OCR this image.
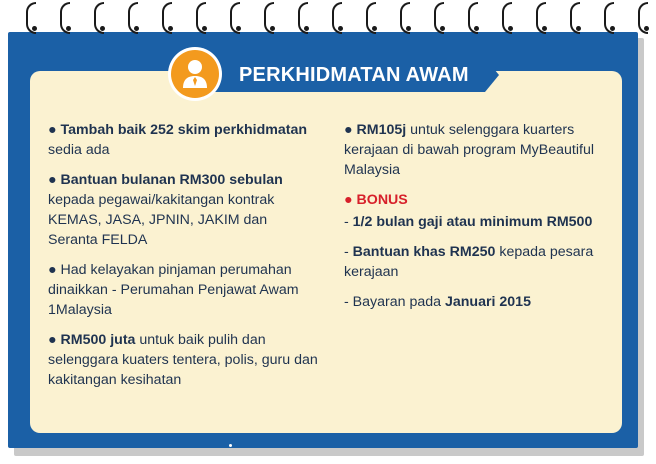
PERKHIDMATAN AWAM

● Tambah baik 252 skim perkhidmatan
sedia ada

● Bantuan bulanan RM300 sebulan
kepada pegawai/kakitangan kontrak KEMAS, JASA, JPNIN, JAKIM dan Seranta FELDA

● Had kelayakan pinjaman perumahan dinaikkan - Perumahan Penjawat Awam 1Malaysia

● RM500 juta untuk baik pulih dan selenggara kuaters tentera, polis, guru dan kakitangan kesihatan

● RM105j untuk selenggara kuarters kerajaan di bawah program MyBeautiful Malaysia

● BONUS

- 1/2 bulan gaji atau minimum RM500

- Bantuan khas RM250 kepada pesara kerajaan

- Bayaran pada Januari 2015
